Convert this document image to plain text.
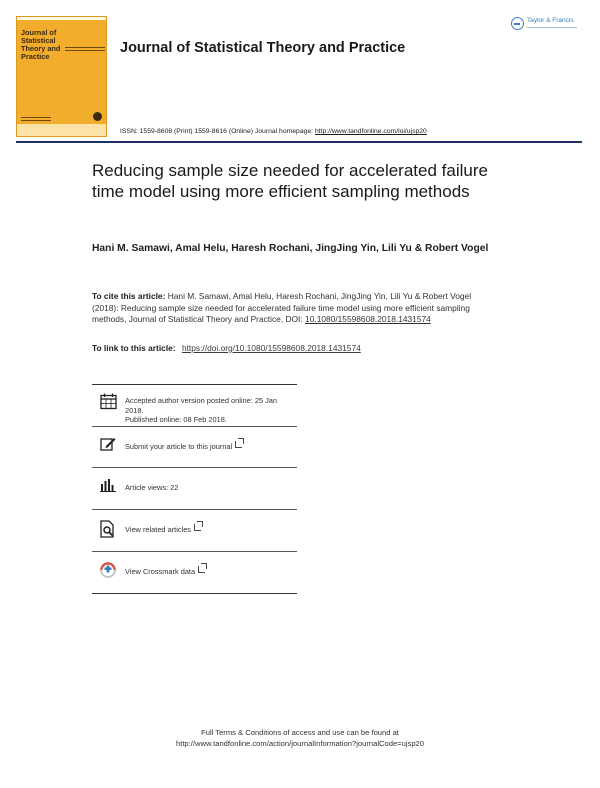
Journal of Statistical Theory and Practice
Journal of Statistical Theory and Practice
Taylor & Francis
ISSN: 1559-8608 (Print) 1559-8616 (Online) Journal homepage: http://www.tandfonline.com/loi/ujsp20
Reducing sample size needed for accelerated failure time model using more efficient sampling methods
Hani M. Samawi, Amal Helu, Haresh Rochani, JingJing Yin, Lili Yu & Robert Vogel
To cite this article: Hani M. Samawi, Amal Helu, Haresh Rochani, JingJing Yin, Lili Yu & Robert Vogel (2018): Reducing sample size needed for accelerated failure time model using more efficient sampling methods, Journal of Statistical Theory and Practice, DOI: 10.1080/15598608.2018.1431574
To link to this article: https://doi.org/10.1080/15598608.2018.1431574
Accepted author version posted online: 25 Jan 2018.
Published online: 08 Feb 2018.
Submit your article to this journal
Article views: 22
View related articles
View Crossmark data
Full Terms & Conditions of access and use can be found at
http://www.tandfonline.com/action/journalInformation?journalCode=ujsp20
